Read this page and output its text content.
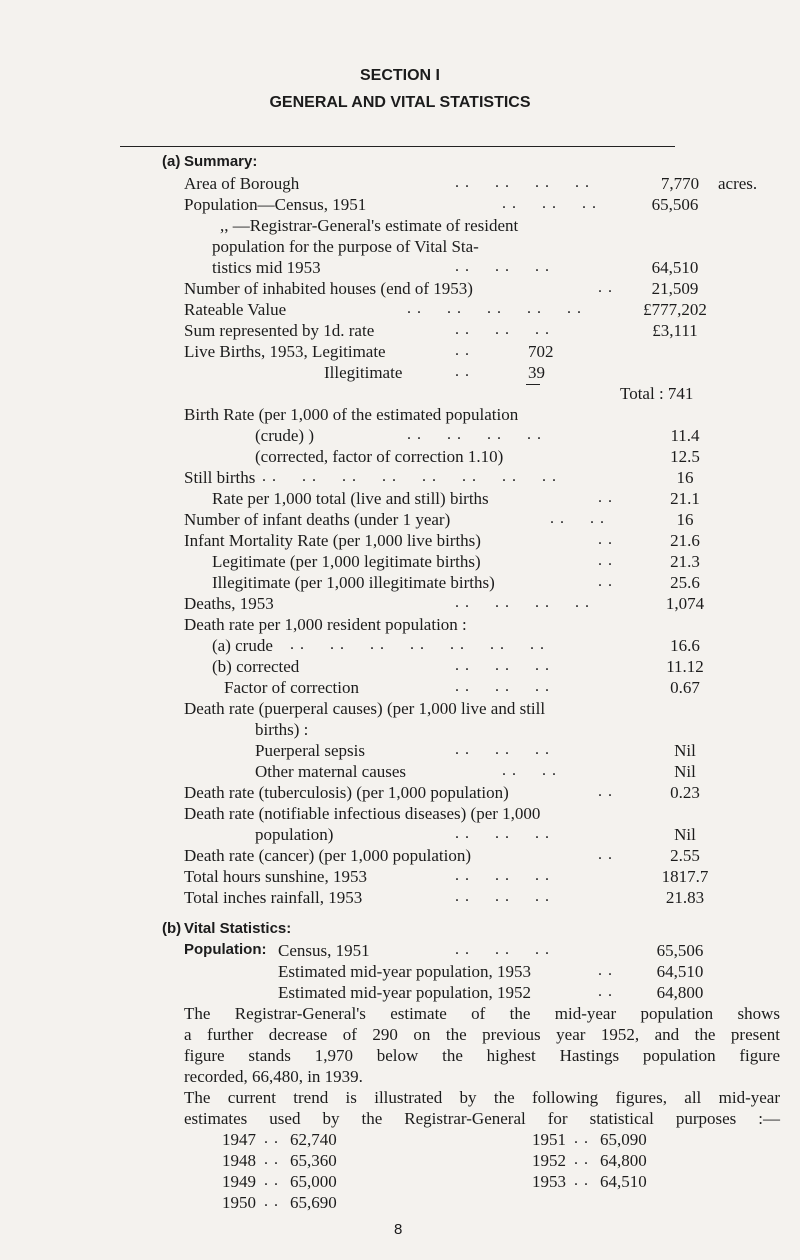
SECTION I
GENERAL AND VITAL STATISTICS
(a) Summary:
Area of Borough	. .     . .     . .     . .	7,770	acres.
Population—Census, 1951	. .     . .     . .	65,506
,, —Registrar-General's estimate of resident
population for the purpose of Vital Sta-
tistics mid 1953	. .     . .     . .	64,510
Number of inhabited houses (end of 1953)	. .	21,509
Rateable Value	. .     . .     . .     . .     . .	£777,202
Sum represented by 1d. rate	. .     . .     . .	£3,111
Live Births, 1953, Legitimate	. .	702
Illegitimate	. .	39
Total : 741
Birth Rate (per 1,000 of the estimated population
(crude) )	. .     . .     . .     . .	11.4
(corrected, factor of correction 1.10)	12.5
Still births . .     . .     . .     . .     . .     . .     . .     . .	16
Rate per 1,000 total (live and still) births	. .	21.1
Number of infant deaths (under 1 year)	. .     . .	16
Infant Mortality Rate (per 1,000 live births)	. .	21.6
Legitimate (per 1,000 legitimate births)	. .	21.3
Illegitimate (per 1,000 illegitimate births)	. .	25.6
Deaths, 1953	. .     . .     . .     . .	1,074
Death rate per 1,000 resident population :
(a) crude . .     . .     . .     . .     . .     . .     . .	16.6
(b) corrected	. .     . .     . .	11.12
Factor of correction	. .     . .     . .	0.67
Death rate (puerperal causes) (per 1,000 live and still
births) :
Puerperal sepsis	. .     . .     . .	Nil
Other maternal causes	. .     . .	Nil
Death rate (tuberculosis) (per 1,000 population)	. .	0.23
Death rate (notifiable infectious diseases) (per 1,000
population)	. .     . .     . .	Nil
Death rate (cancer) (per 1,000 population)	. .	2.55
Total hours sunshine, 1953	. .     . .     . .	1817.7
Total inches rainfall, 1953	. .     . .     . .	21.83
(b) Vital Statistics:
Population: Census, 1951	. .     . .     . .	65,506
Estimated mid-year population, 1953	. .	64,510
Estimated mid-year population, 1952	. .	64,800
The Registrar-General's estimate of the mid-year population shows
a further decrease of 290 on the previous year 1952, and the present
figure stands 1,970 below the highest Hastings population figure
recorded, 66,480, in 1939.
The current trend is illustrated by the following figures, all mid-year
estimates used by the Registrar-General for statistical purposes :—
1947 . . 62,740
1948 . . 65,360
1949 . . 65,000
1950 . . 65,690
1951 . . 65,090
1952 . . 64,800
1953 . . 64,510
8
